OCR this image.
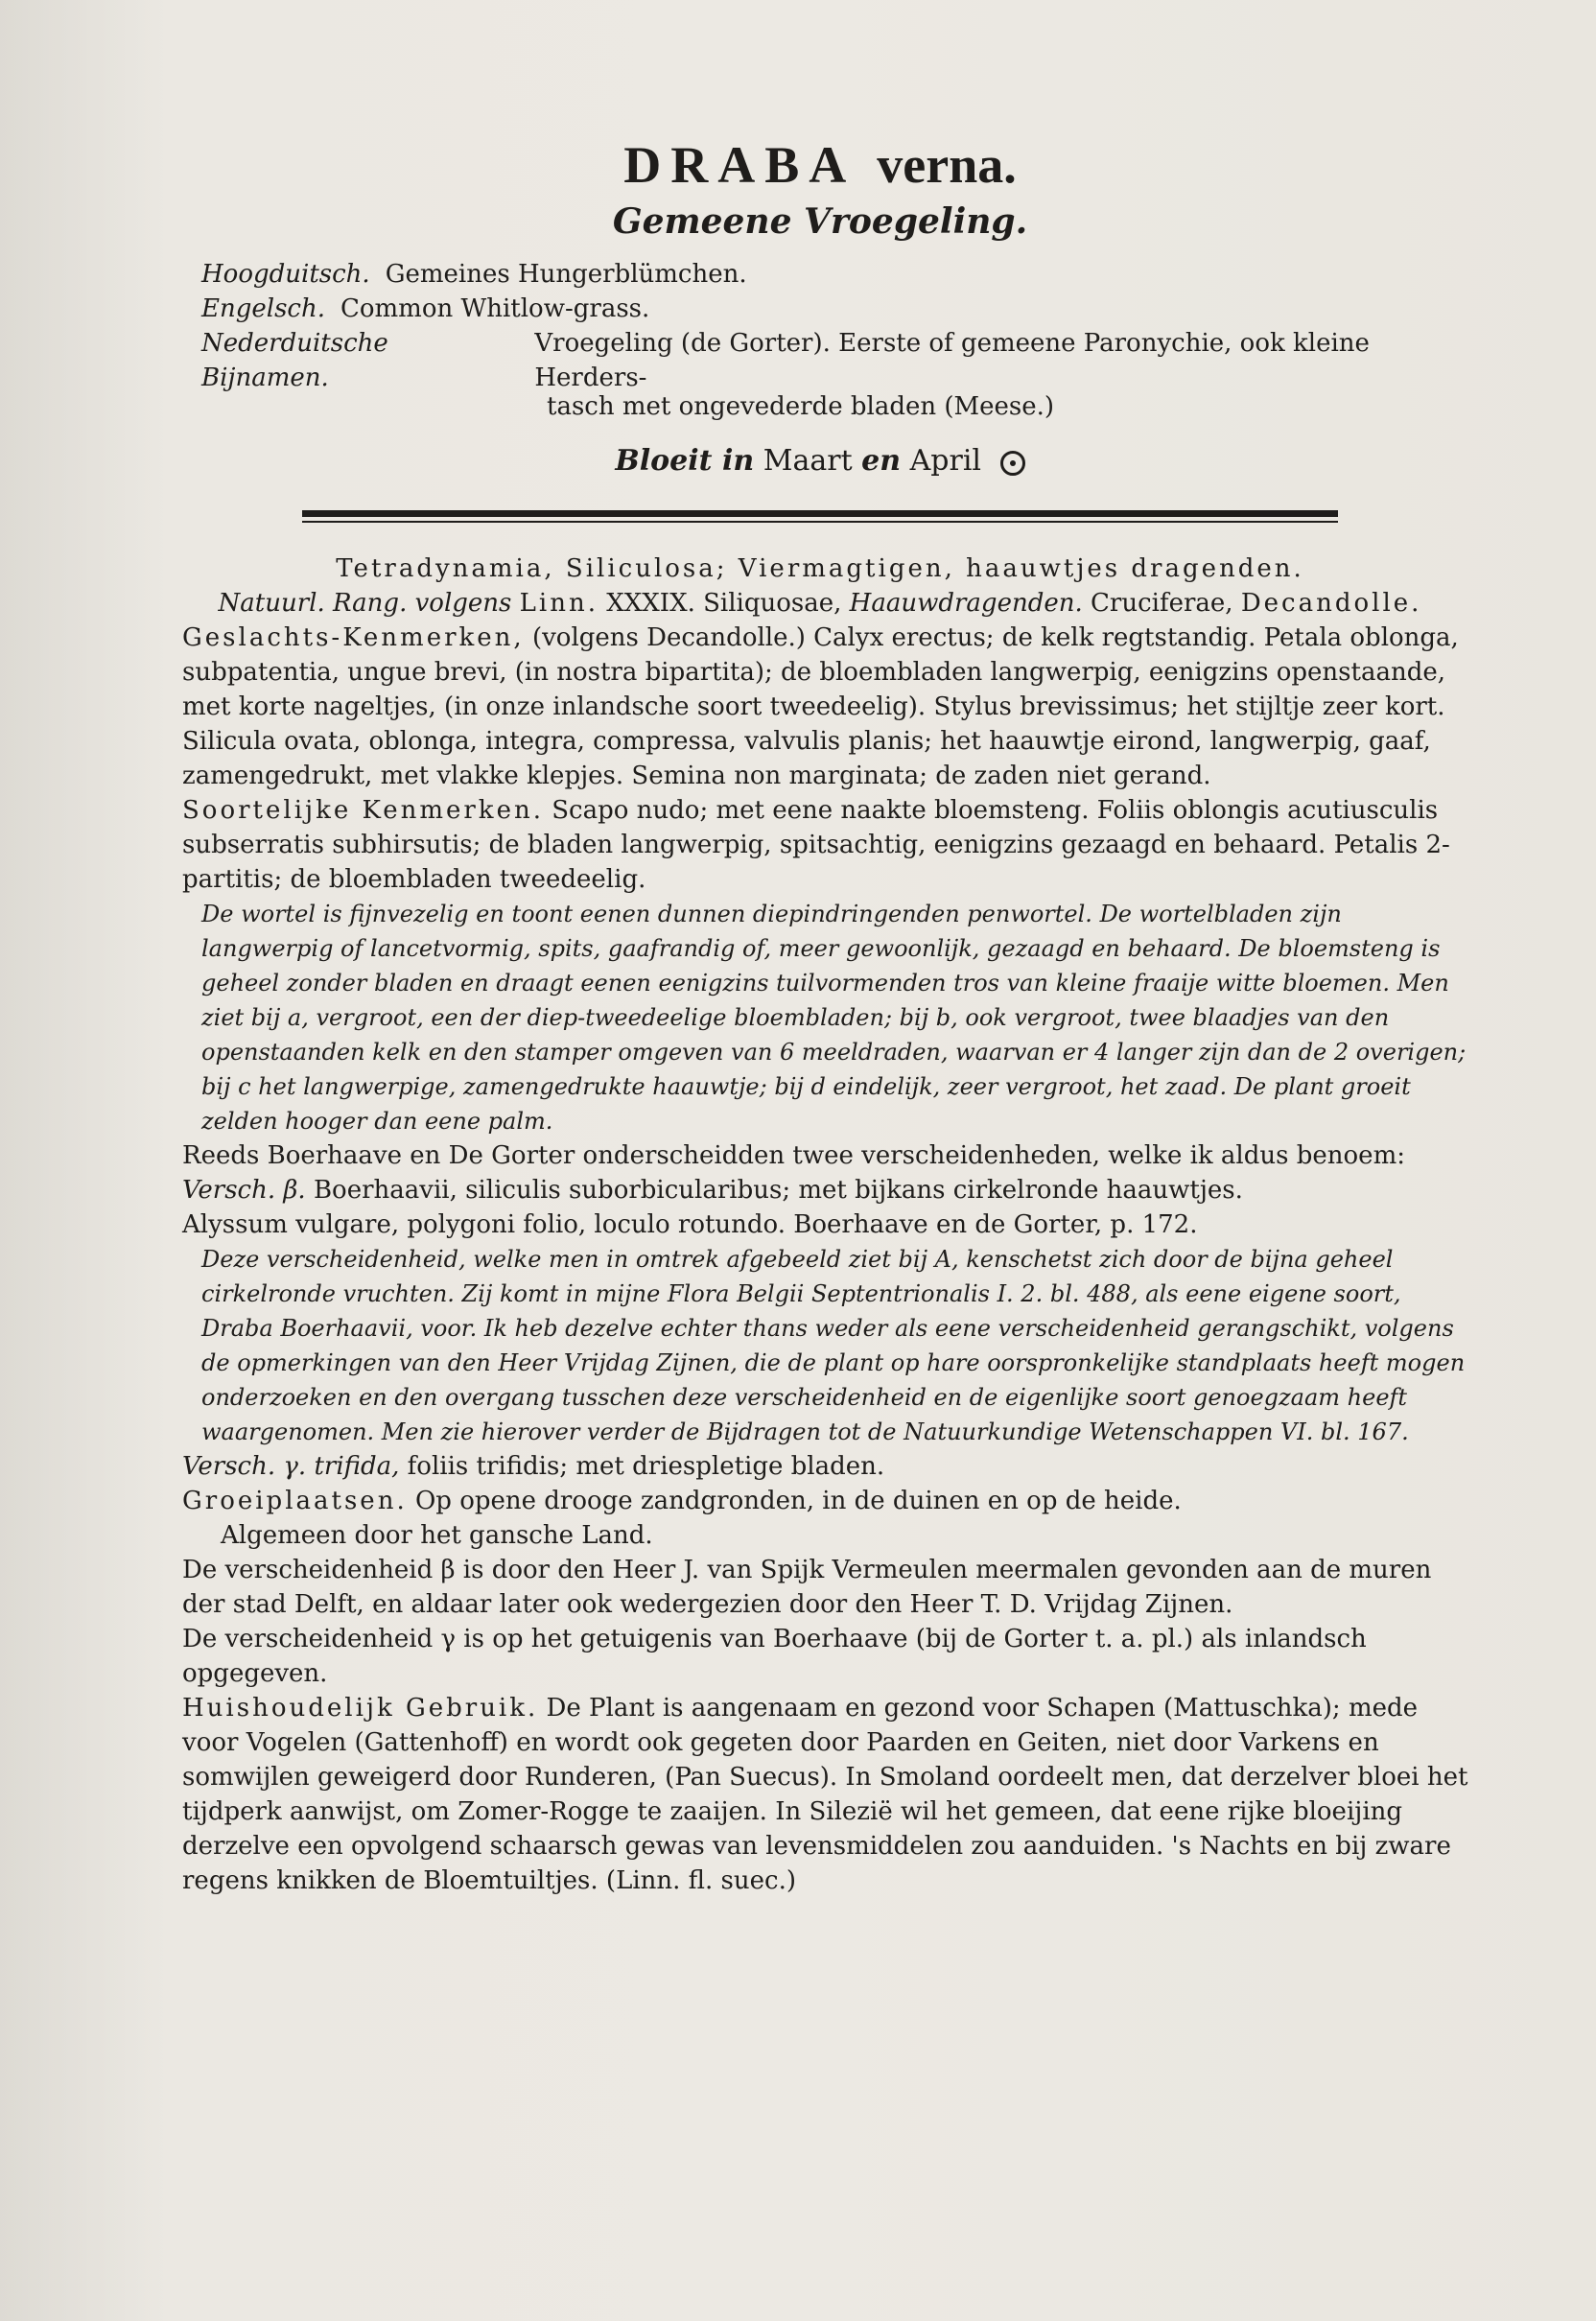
DRABA verna.
Gemeene Vroegeling.
Hoogduitsch. Gemeines Hungerblümchen.
Engelsch. Common Whitlow-grass.
Nederduitsche Bijnamen.
Vroegeling (de Gorter). Eerste of gemeene Paronychie, ook kleine Herders-
tasch met ongevederde bladen (Meese.)
Bloeit in Maart en April

Tetradynamia, Siliculosa; Viermagtigen, haauwtjes dragenden.

Natuurl. Rang. volgens Linn. XXXIX. Siliquosae, Haauwdragenden. Cruciferae, Decandolle.

Geslachts-Kenmerken, (volgens Decandolle.) Calyx erectus; de kelk regtstandig. Petala oblonga, subpatentia, ungue brevi, (in nostra bipartita); de bloembladen langwerpig, eenigzins openstaande, met korte nageltjes, (in onze inlandsche soort tweedeelig). Stylus brevissimus; het stijltje zeer kort. Silicula ovata, oblonga, integra, compressa, valvulis planis; het haauwtje eirond, langwerpig, gaaf, zamengedrukt, met vlakke klepjes. Semina non marginata; de zaden niet gerand.

Soortelijke Kenmerken. Scapo nudo; met eene naakte bloemsteng. Foliis oblongis acutiusculis subserratis subhirsutis; de bladen langwerpig, spitsachtig, eenigzins gezaagd en behaard. Petalis 2-partitis; de bloembladen tweedeelig.

De wortel is fijnvezelig en toont eenen dunnen diepindringenden penwortel. De wortelbladen zijn langwerpig of lancetvormig, spits, gaafrandig of, meer gewoonlijk, gezaagd en behaard. De bloemsteng is geheel zonder bladen en draagt eenen eenigzins tuilvormenden tros van kleine fraaije witte bloemen. Men ziet bij a, vergroot, een der diep-tweedeelige bloembladen; bij b, ook vergroot, twee blaadjes van den openstaanden kelk en den stamper omgeven van 6 meeldraden, waarvan er 4 langer zijn dan de 2 overigen; bij c het langwerpige, zamengedrukte haauwtje; bij d eindelijk, zeer vergroot, het zaad. De plant groeit zelden hooger dan eene palm.

Reeds Boerhaave en De Gorter onderscheidden twee verscheidenheden, welke ik aldus benoem:

Versch. β. Boerhaavii, siliculis suborbicularibus; met bijkans cirkelronde haauwtjes.

Alyssum vulgare, polygoni folio, loculo rotundo. Boerhaave en de Gorter, p. 172.

Deze verscheidenheid, welke men in omtrek afgebeeld ziet bij A, kenschetst zich door de bijna geheel cirkelronde vruchten. Zij komt in mijne Flora Belgii Septentrionalis I. 2. bl. 488, als eene eigene soort, Draba Boerhaavii, voor. Ik heb dezelve echter thans weder als eene verscheidenheid gerangschikt, volgens de opmerkingen van den Heer Vrijdag Zijnen, die de plant op hare oorspronkelijke standplaats heeft mogen onderzoeken en den overgang tusschen deze verscheidenheid en de eigenlijke soort genoegzaam heeft waargenomen. Men zie hierover verder de Bijdragen tot de Natuurkundige Wetenschappen VI. bl. 167.

Versch. γ. trifida, foliis trifidis; met driespletige bladen.

Groeiplaatsen. Op opene drooge zandgronden, in de duinen en op de heide.

Algemeen door het gansche Land.

De verscheidenheid β is door den Heer J. van Spijk Vermeulen meermalen gevonden aan de muren der stad Delft, en aldaar later ook wedergezien door den Heer T. D. Vrijdag Zijnen.

De verscheidenheid γ is op het getuigenis van Boerhaave (bij de Gorter t. a. pl.) als inlandsch opgegeven.

Huishoudelijk Gebruik. De Plant is aangenaam en gezond voor Schapen (Mattuschka); mede voor Vogelen (Gattenhoff) en wordt ook gegeten door Paarden en Geiten, niet door Varkens en somwijlen geweigerd door Runderen, (Pan Suecus). In Smoland oordeelt men, dat derzelver bloei het tijdperk aanwijst, om Zomer-Rogge te zaaijen. In Silezië wil het gemeen, dat eene rijke bloeijing derzelve een opvolgend schaarsch gewas van levensmiddelen zou aanduiden. 's Nachts en bij zware regens knikken de Bloemtuiltjes. (Linn. fl. suec.)
